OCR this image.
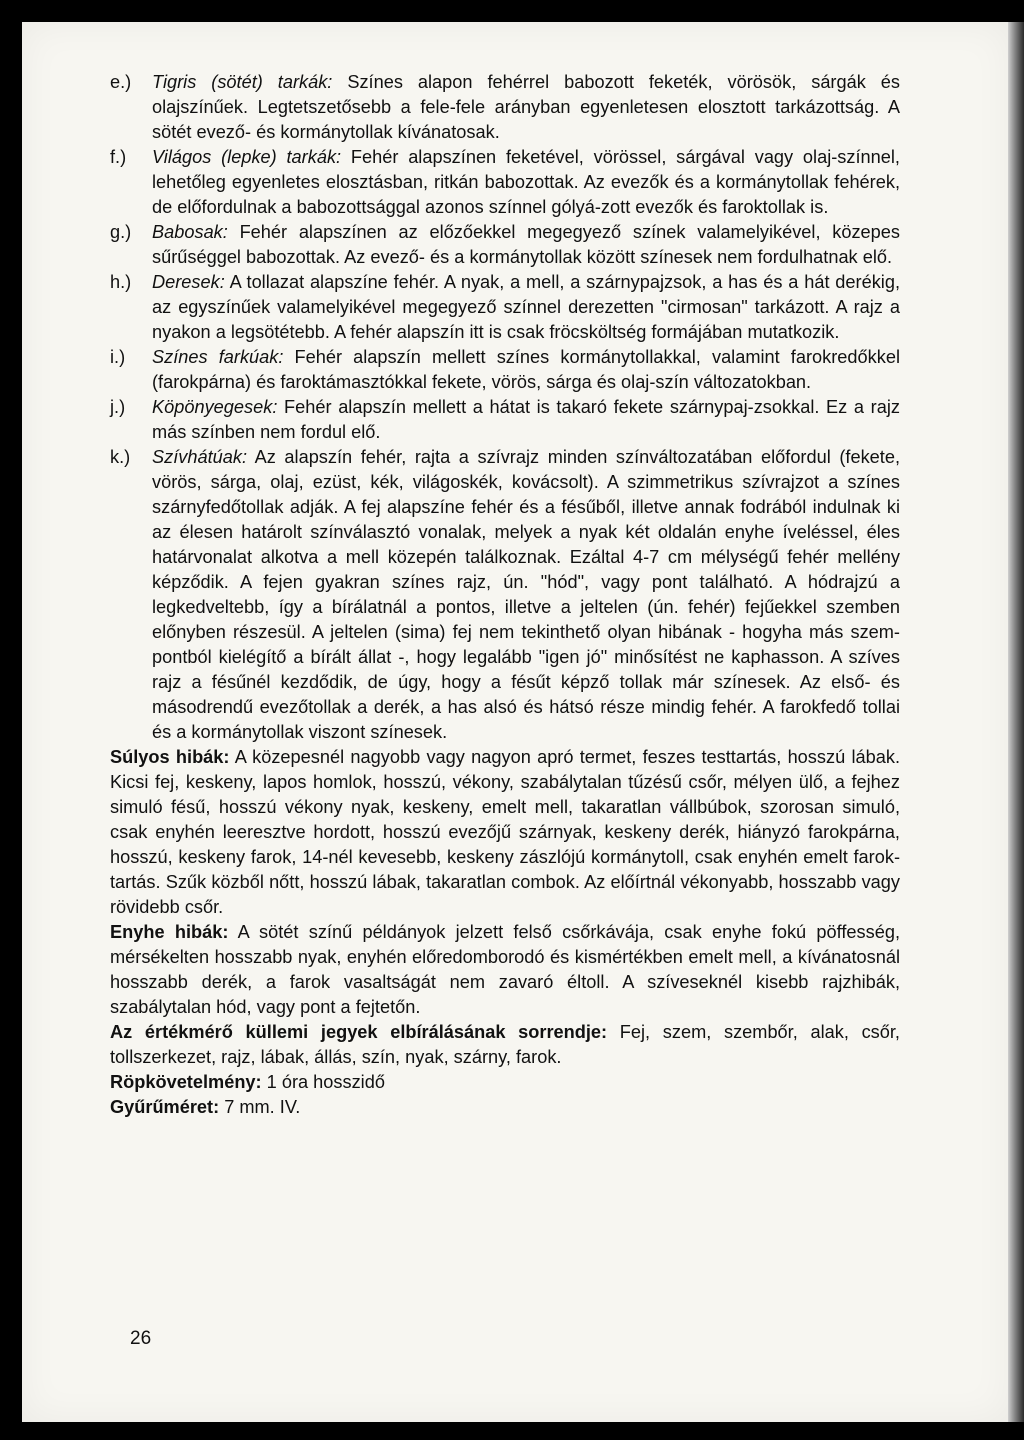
e.) Tigris (sötét) tarkák: Színes alapon fehérrel babozott feketék, vörösök, sárgák és olajszínűek. Legtetszetősebb a fele-fele arányban egyenletesen elosztott tarkázottság. A sötét evező- és kormánytollak kívánatosak.
f.) Világos (lepke) tarkák: Fehér alapszínen feketével, vörössel, sárgával vagy olaj-színnel, lehetőleg egyenletes elosztásban, ritkán babozottak. Az evezők és a kormánytollak fehérek, de előfordulnak a babozottsággal azonos színnel gólyá-zott evezők és faroktollak is.
g.) Babosak: Fehér alapszínen az előzőekkel megegyező színek valamelyikével, közepes sűrűséggel babozottak. Az evező- és a kormánytollak között színesek nem fordulhatnak elő.
h.) Deresek: A tollazat alapszíne fehér. A nyak, a mell, a szárnypajzsok, a has és a hát derékig, az egyszínűek valamelyikével megegyező színnel derezetten "cirmosan" tarkázott. A rajz a nyakon a legsötétebb. A fehér alapszín itt is csak fröcsköltség formájában mutatkozik.
i.) Színes farkúak: Fehér alapszín mellett színes kormánytollakkal, valamint farokredőkkel (farokpárna) és faroktámasztókkal fekete, vörös, sárga és olaj-szín változatokban.
j.) Köpönyegesek: Fehér alapszín mellett a hátat is takaró fekete szárnypaj-zsokkal. Ez a rajz más színben nem fordul elő.
k.) Szívhátúak: Az alapszín fehér, rajta a szívrajz minden színváltozatában előfordul (fekete, vörös, sárga, olaj, ezüst, kék, világoskék, kovácsolt). A szimmetrikus szívrajzot a színes szárnyfedőtollak adják. A fej alapszíne fehér és a fésűből, illetve annak fodrából indulnak ki az élesen határolt színválasztó vonalak, melyek a nyak két oldalán enyhe íveléssel, éles határvonalat alkotva a mell közepén találkoznak. Ezáltal 4-7 cm mélységű fehér mellény képződik. A fejen gyakran színes rajz, ún. "hód", vagy pont található. A hódrajzú a legkedveltebb, így a bírálatnál a pontos, illetve a jeltelen (ún. fehér) fejűekkel szemben előnyben részesül. A jeltelen (sima) fej nem tekinthető olyan hibának - hogyha más szem-pontból kielégítő a bírált állat -, hogy legalább "igen jó" minősítést ne kaphasson. A szíves rajz a fésűnél kezdődik, de úgy, hogy a fésűt képző tollak már színesek. Az első- és másodrendű evezőtollak a derék, a has alsó és hátsó része mindig fehér. A farokfedő tollai és a kormánytollak viszont színesek.
Súlyos hibák: A közepesnél nagyobb vagy nagyon apró termet, feszes testtartás, hosszú lábak. Kicsi fej, keskeny, lapos homlok, hosszú, vékony, szabálytalan tűzésű csőr, mélyen ülő, a fejhez simuló fésű, hosszú vékony nyak, keskeny, emelt mell, takaratlan vállbúbok, szorosan simuló, csak enyhén leeresztve hordott, hosszú evezőjű szárnyak, keskeny derék, hiányzó farokpárna, hosszú, keskeny farok, 14-nél kevesebb, keskeny zászlójú kormánytoll, csak enyhén emelt farok-tartás. Szűk közből nőtt, hosszú lábak, takaratlan combok. Az előírtnál vékonyabb, hosszabb vagy rövidebb csőr.
Enyhe hibák: A sötét színű példányok jelzett felső csőrkávája, csak enyhe fokú pöffesség, mérsékelten hosszabb nyak, enyhén előredomborodó és kismértékben emelt mell, a kívánatosnál hosszabb derék, a farok vasaltságát nem zavaró éltoll. A szíveseknél kisebb rajzhibák, szabálytalan hód, vagy pont a fejtetőn.
Az értékmérő küllemi jegyek elbírálásának sorrendje: Fej, szem, szembőr, alak, csőr, tollszerkezet, rajz, lábak, állás, szín, nyak, szárny, farok.
Röpkövetelmény: 1 óra hosszidő
Gyűrűméret: 7 mm. IV.
26
